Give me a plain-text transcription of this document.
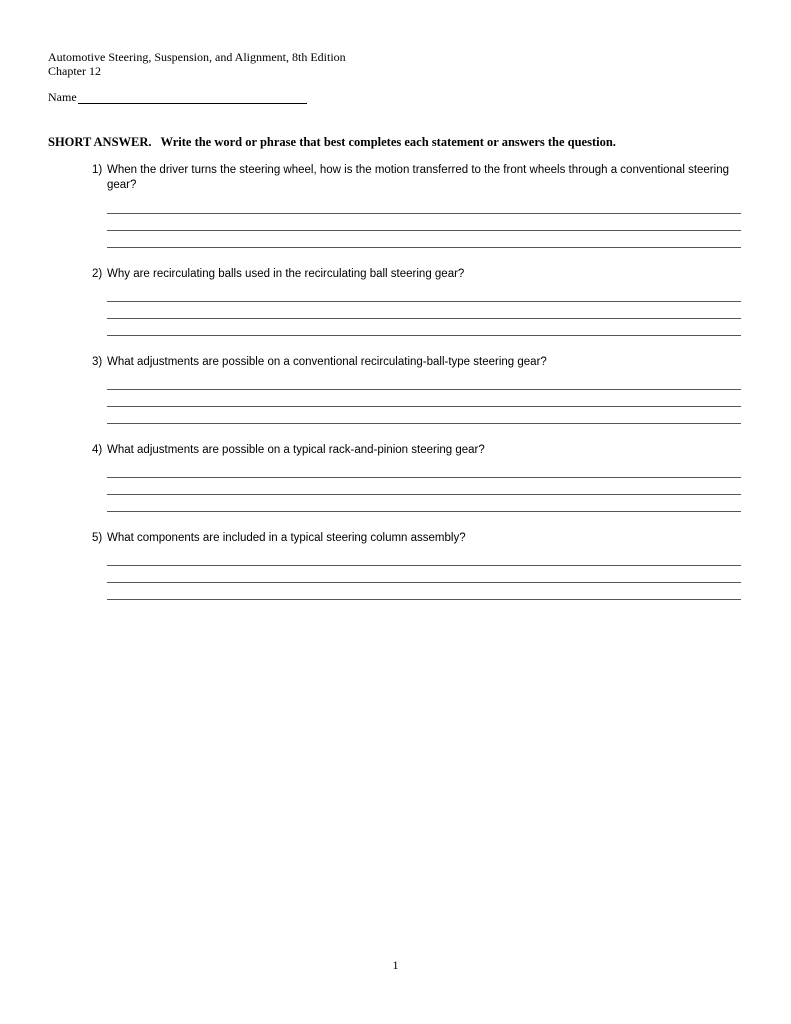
Automotive Steering, Suspension, and Alignment, 8th Edition
Chapter 12
Name
SHORT ANSWER. Write the word or phrase that best completes each statement or answers the question.
1) When the driver turns the steering wheel, how is the motion transferred to the front wheels through a conventional steering gear?
2) Why are recirculating balls used in the recirculating ball steering gear?
3) What adjustments are possible on a conventional recirculating-ball-type steering gear?
4) What adjustments are possible on a typical rack-and-pinion steering gear?
5) What components are included in a typical steering column assembly?
1
